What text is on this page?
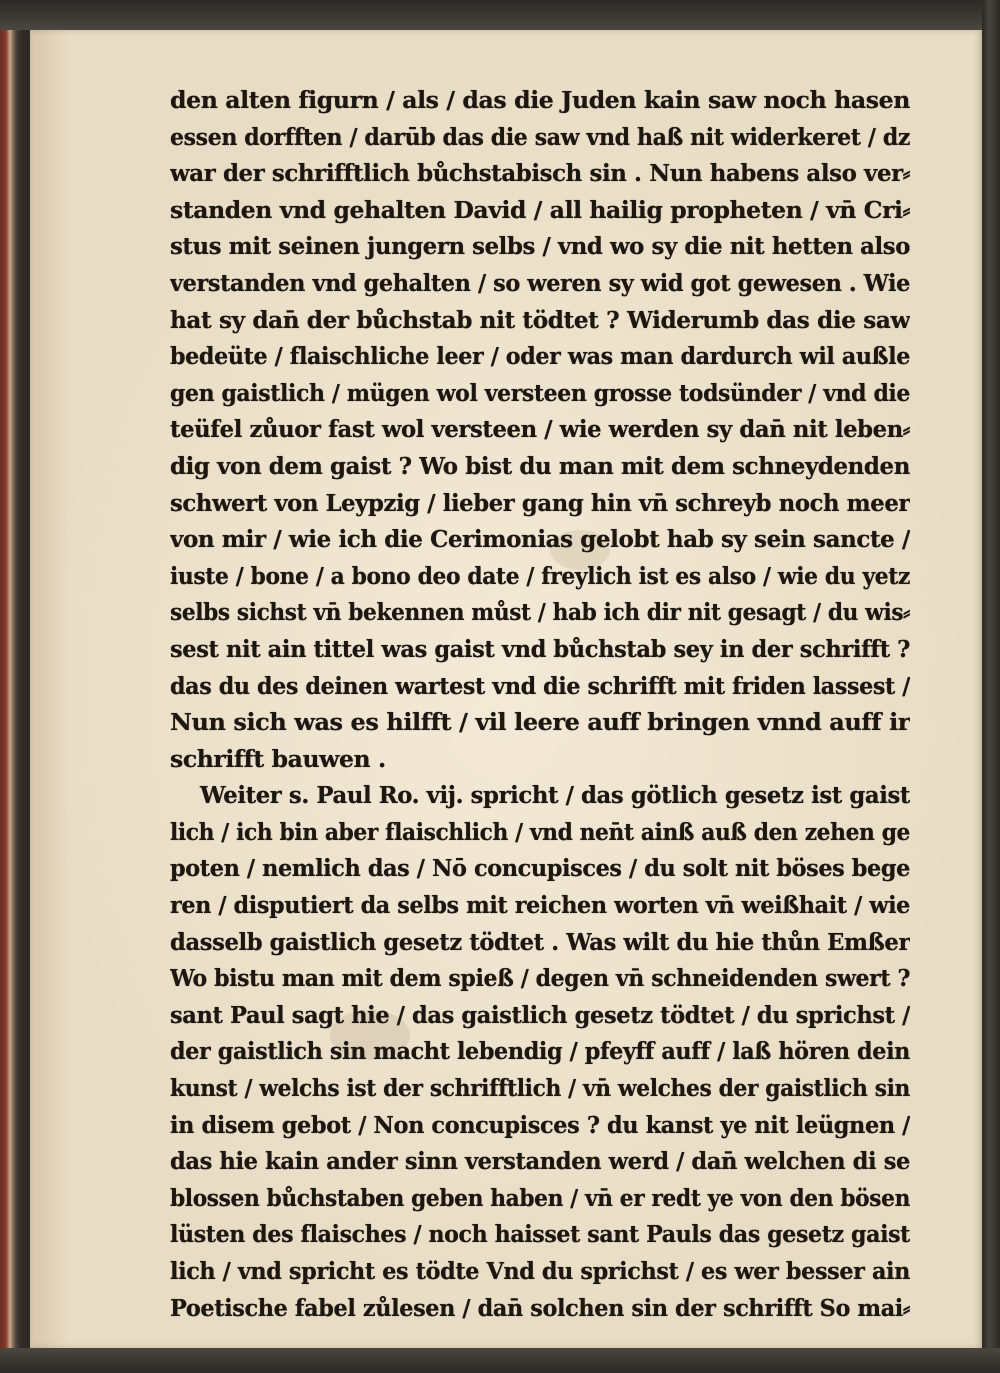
den alten figurn / als / das die Juden kain saw noch hasen
essen dorfften / darūb das die saw vnd haß nit widerkeret / dz
war der schrifftlich bůchstabisch sin . Nun habens also ver⸗
standen vnd gehalten David / all hailig propheten / vn̄ Cri⸗
stus mit seinen jungern selbs / vnd wo sy die nit hetten also
verstanden vnd gehalten / so weren sy wid got gewesen . Wie
hat sy dan̄ der bůchstab nit tödtet ? Widerumb das die saw
bedeüte / flaischliche leer / oder was man dardurch wil außle
gen gaistlich / mügen wol versteen grosse todsünder / vnd die
teüfel zůuor fast wol versteen / wie werden sy dan̄ nit leben⸗
dig von dem gaist ? Wo bist du man mit dem schneydenden
schwert von Leypzig / lieber gang hin vn̄ schreyb noch meer
von mir / wie ich die Cerimonias gelobt hab sy sein sancte /
iuste / bone / a bono deo date / freylich ist es also / wie du yetz
selbs sichst vn̄ bekennen můst / hab ich dir nit gesagt / du wis⸗
sest nit ain tittel was gaist vnd bůchstab sey in der schrifft ?
das du des deinen wartest vnd die schrifft mit friden lassest /
Nun sich was es hilfft / vil leere auff bringen vnnd auff ir
schrifft bauwen .
Weiter s. Paul Ro. vij. spricht / das götlich gesetz ist gaist
lich / ich bin aber flaischlich / vnd nen̄t ainß auß den zehen ge
poten / nemlich das / Nō concupisces / du solt nit böses bege
ren / disputiert da selbs mit reichen worten vn̄ weißhait / wie
dasselb gaistlich gesetz tödtet . Was wilt du hie thůn Emßer
Wo bistu man mit dem spieß / degen vn̄ schneidenden swert ?
sant Paul sagt hie / das gaistlich gesetz tödtet / du sprichst /
der gaistlich sin macht lebendig / pfeyff auff / laß hören dein
kunst / welchs ist der schrifftlich / vn̄ welches der gaistlich sin
in disem gebot / Non concupisces ? du kanst ye nit leügnen /
das hie kain ander sinn verstanden werd / dan̄ welchen di se
blossen bůchstaben geben haben / vn̄ er redt ye von den bösen
lüsten des flaisches / noch haisset sant Pauls das gesetz gaist
lich / vnd spricht es tödte Vnd du sprichst / es wer besser ain
Poetische fabel zůlesen / dan̄ solchen sin der schrifft So mai⸗
